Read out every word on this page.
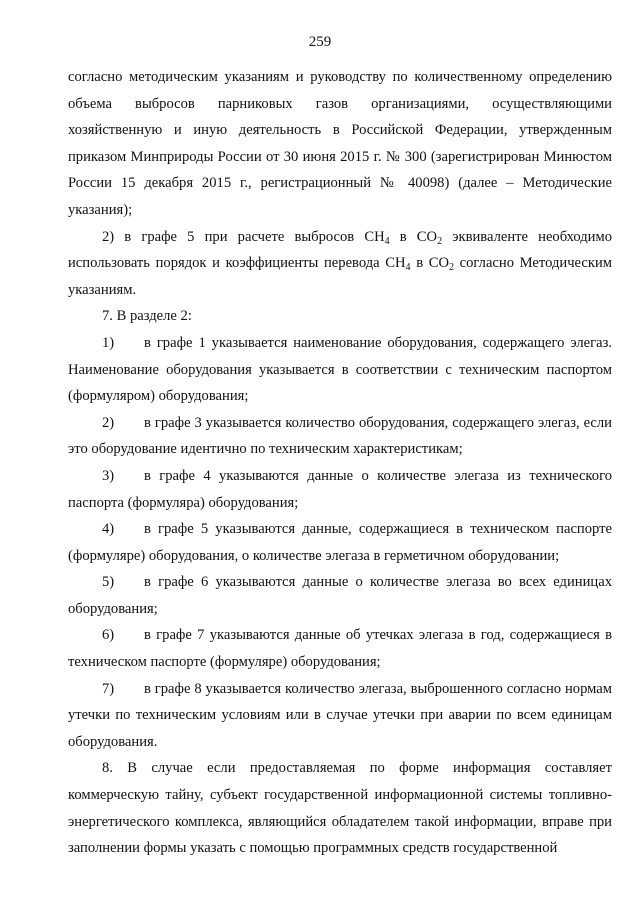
259

согласно методическим указаниям и руководству по количественному определению объема выбросов парниковых газов организациями, осуществляющими хозяйственную и иную деятельность в Российской Федерации, утвержденным приказом Минприроды России от 30 июня 2015 г. № 300 (зарегистрирован Минюстом России 15 декабря 2015 г., регистрационный № 40098) (далее – Методические указания);

2) в графе 5 при расчете выбросов $CH_4$ в $CO_2$ эквиваленте необходимо использовать порядок и коэффициенты перевода $CH_4$ в $CO_2$ согласно Методическим указаниям.

7. В разделе 2:

1) в графе 1 указывается наименование оборудования, содержащего элегаз. Наименование оборудования указывается в соответствии с техническим паспортом (формуляром) оборудования;

2) в графе 3 указывается количество оборудования, содержащего элегаз, если это оборудование идентично по техническим характеристикам;

3) в графе 4 указываются данные о количестве элегаза из технического паспорта (формуляра) оборудования;

4) в графе 5 указываются данные, содержащиеся в техническом паспорте (формуляре) оборудования, о количестве элегаза в герметичном оборудовании;

5) в графе 6 указываются данные о количестве элегаза во всех единицах оборудования;

6) в графе 7 указываются данные об утечках элегаза в год, содержащиеся в техническом паспорте (формуляре) оборудования;

7) в графе 8 указывается количество элегаза, выброшенного согласно нормам утечки по техническим условиям или в случае утечки при аварии по всем единицам оборудования.

8. В случае если предоставляемая по форме информация составляет коммерческую тайну, субъект государственной информационной системы топливно-энергетического комплекса, являющийся обладателем такой информации, вправе при заполнении формы указать с помощью программных средств государственной
